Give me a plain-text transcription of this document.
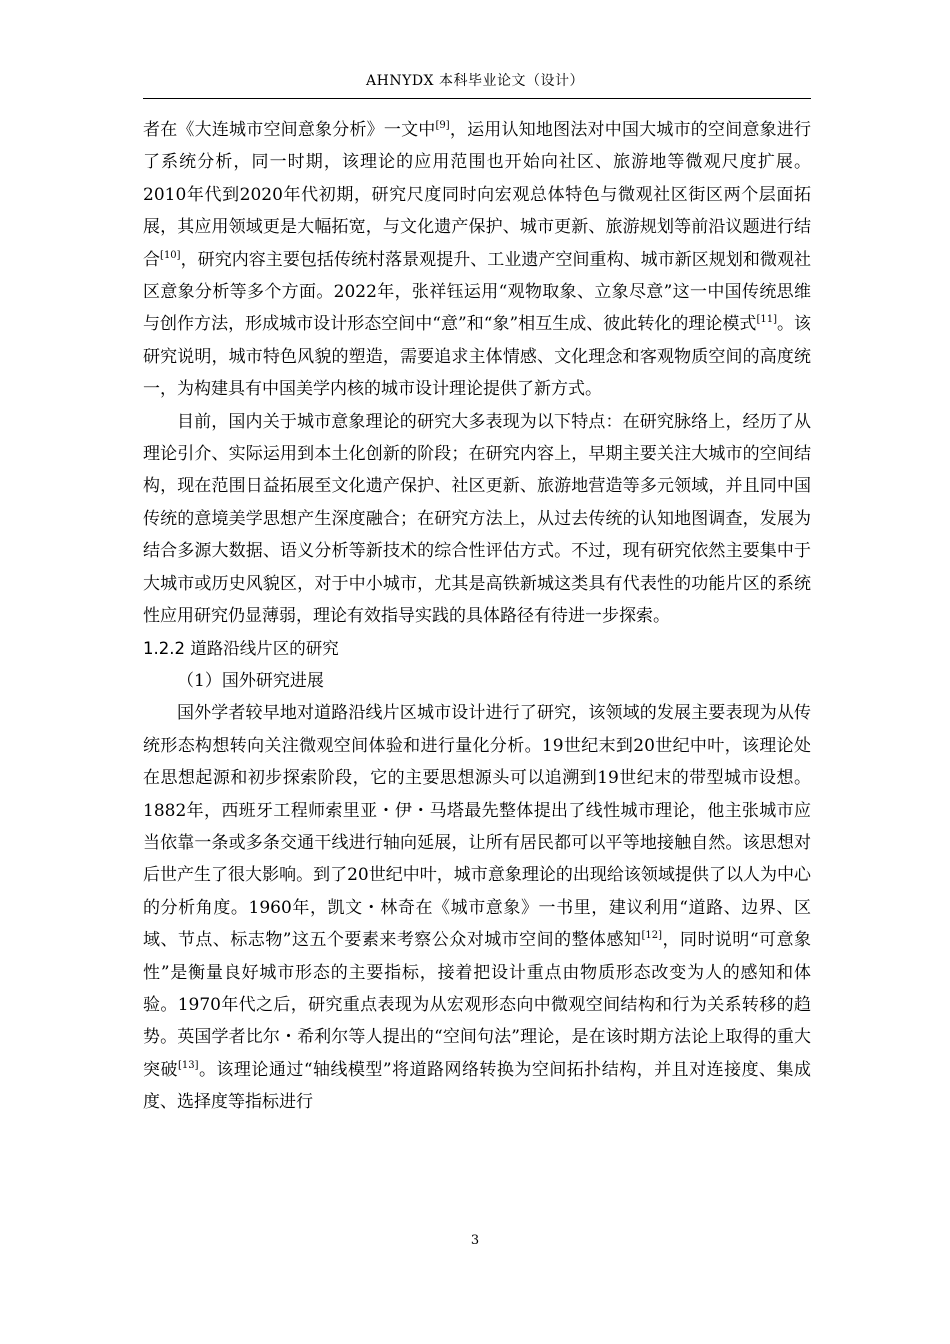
AHNYDX 本科毕业论文（设计）

者在《大连城市空间意象分析》一文中[9]，运用认知地图法对中国大城市的空间意象进行了系统分析，同一时期，该理论的应用范围也开始向社区、旅游地等微观尺度扩展。2010年代到2020年代初期，研究尺度同时向宏观总体特色与微观社区街区两个层面拓展，其应用领域更是大幅拓宽，与文化遗产保护、城市更新、旅游规划等前沿议题进行结合[10]，研究内容主要包括传统村落景观提升、工业遗产空间重构、城市新区规划和微观社区意象分析等多个方面。2022年，张祥钰运用“观物取象、立象尽意”这一中国传统思维与创作方法，形成城市设计形态空间中“意”和“象”相互生成、彼此转化的理论模式[11]。该研究说明，城市特色风貌的塑造，需要追求主体情感、文化理念和客观物质空间的高度统一，为构建具有中国美学内核的城市设计理论提供了新方式。

目前，国内关于城市意象理论的研究大多表现为以下特点：在研究脉络上，经历了从理论引介、实际运用到本土化创新的阶段；在研究内容上，早期主要关注大城市的空间结构，现在范围日益拓展至文化遗产保护、社区更新、旅游地营造等多元领域，并且同中国传统的意境美学思想产生深度融合；在研究方法上，从过去传统的认知地图调查，发展为结合多源大数据、语义分析等新技术的综合性评估方式。不过，现有研究依然主要集中于大城市或历史风貌区，对于中小城市，尤其是高铁新城这类具有代表性的功能片区的系统性应用研究仍显薄弱，理论有效指导实践的具体路径有待进一步探索。

1.2.2 道路沿线片区的研究

（1）国外研究进展

国外学者较早地对道路沿线片区城市设计进行了研究，该领域的发展主要表现为从传统形态构想转向关注微观空间体验和进行量化分析。19世纪末到20世纪中叶，该理论处在思想起源和初步探索阶段，它的主要思想源头可以追溯到19世纪末的带型城市设想。1882年，西班牙工程师索里亚・伊・马塔最先整体提出了线性城市理论，他主张城市应当依靠一条或多条交通干线进行轴向延展，让所有居民都可以平等地接触自然。该思想对后世产生了很大影响。到了20世纪中叶，城市意象理论的出现给该领域提供了以人为中心的分析角度。1960年，凯文・林奇在《城市意象》一书里，建议利用“道路、边界、区域、节点、标志物”这五个要素来考察公众对城市空间的整体感知[12]，同时说明“可意象性”是衡量良好城市形态的主要指标，接着把设计重点由物质形态改变为人的感知和体验。1970年代之后，研究重点表现为从宏观形态向中微观空间结构和行为关系转移的趋势。英国学者比尔・希利尔等人提出的“空间句法”理论，是在该时期方法论上取得的重大突破[13]。该理论通过“轴线模型”将道路网络转换为空间拓扑结构，并且对连接度、集成度、选择度等指标进行

3
